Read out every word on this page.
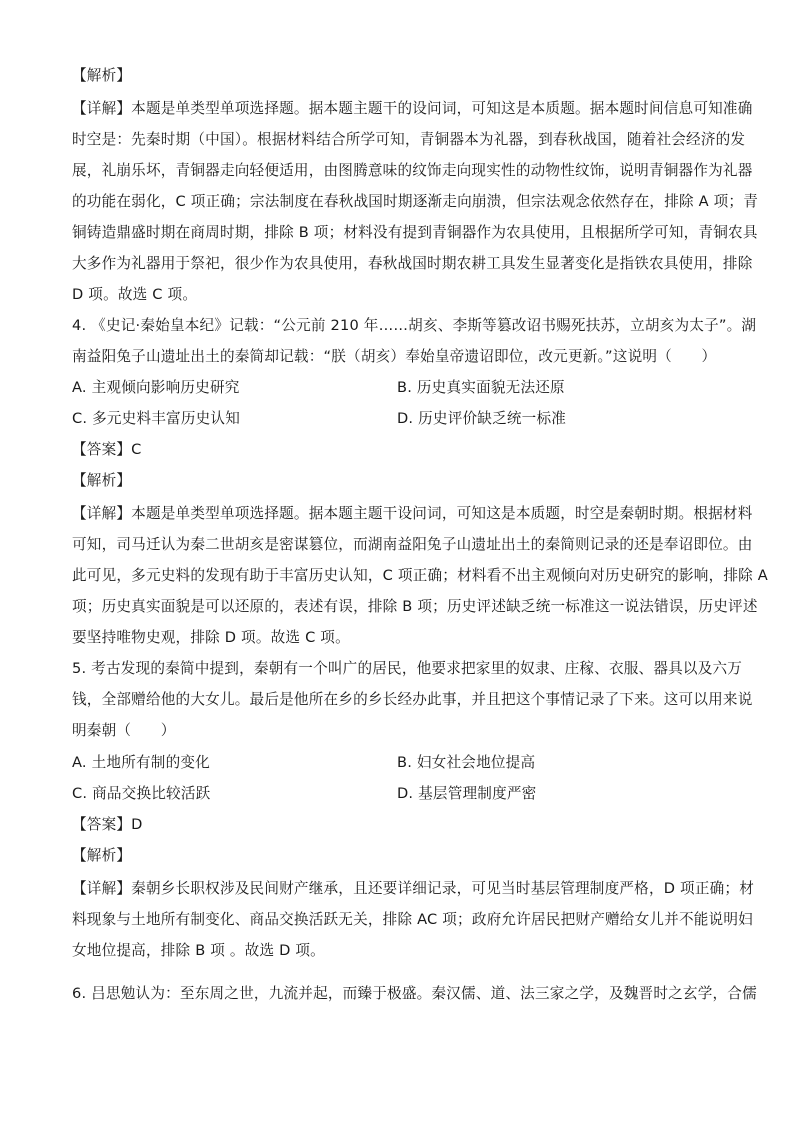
【解析】
【详解】本题是单类型单项选择题。据本题主题干的设问词，可知这是本质题。据本题时间信息可知准确
时空是：先秦时期（中国）。根据材料结合所学可知，青铜器本为礼器，到春秋战国，随着社会经济的发
展，礼崩乐坏，青铜器走向轻便适用，由图腾意味的纹饰走向现实性的动物性纹饰，说明青铜器作为礼器
的功能在弱化，C 项正确；宗法制度在春秋战国时期逐渐走向崩溃，但宗法观念依然存在，排除 A 项；青
铜铸造鼎盛时期在商周时期，排除 B 项；材料没有提到青铜器作为农具使用，且根据所学可知，青铜农具
大多作为礼器用于祭祀，很少作为农具使用，春秋战国时期农耕工具发生显著变化是指铁农具使用，排除
D 项。故选 C 项。
4. 《史记·秦始皇本纪》记载：“公元前 210 年……胡亥、李斯等篡改诏书赐死扶苏，立胡亥为太子”。湖
南益阳兔子山遗址出土的秦简却记载：“朕（胡亥）奉始皇帝遗诏即位，改元更新。”这说明（　　）
A. 主观倾向影响历史研究	B. 历史真实面貌无法还原
C. 多元史料丰富历史认知	D. 历史评价缺乏统一标准
【答案】C
【解析】
【详解】本题是单类型单项选择题。据本题主题干设问词，可知这是本质题，时空是秦朝时期。根据材料
可知，司马迁认为秦二世胡亥是密谋篡位，而湖南益阳兔子山遗址出土的秦简则记录的还是奉诏即位。由
此可见，多元史料的发现有助于丰富历史认知，C 项正确；材料看不出主观倾向对历史研究的影响，排除 A
项；历史真实面貌是可以还原的，表述有误，排除 B 项；历史评述缺乏统一标准这一说法错误，历史评述
要坚持唯物史观，排除 D 项。故选 C 项。
5. 考古发现的秦简中提到，秦朝有一个叫广的居民，他要求把家里的奴隶、庄稼、衣服、器具以及六万
钱，全部赠给他的大女儿。最后是他所在乡的乡长经办此事，并且把这个事情记录了下来。这可以用来说
明秦朝（　　）
A. 土地所有制的变化	B. 妇女社会地位提高
C. 商品交换比较活跃	D. 基层管理制度严密
【答案】D
【解析】
【详解】秦朝乡长职权涉及民间财产继承，且还要详细记录，可见当时基层管理制度严格，D 项正确；材
料现象与土地所有制变化、商品交换活跃无关，排除 AC 项；政府允许居民把财产赠给女儿并不能说明妇
女地位提高，排除 B 项 。故选 D 项。
6. 吕思勉认为：至东周之世，九流并起，而臻于极盛。秦汉儒、道、法三家之学，及魏晋时之玄学，合儒
